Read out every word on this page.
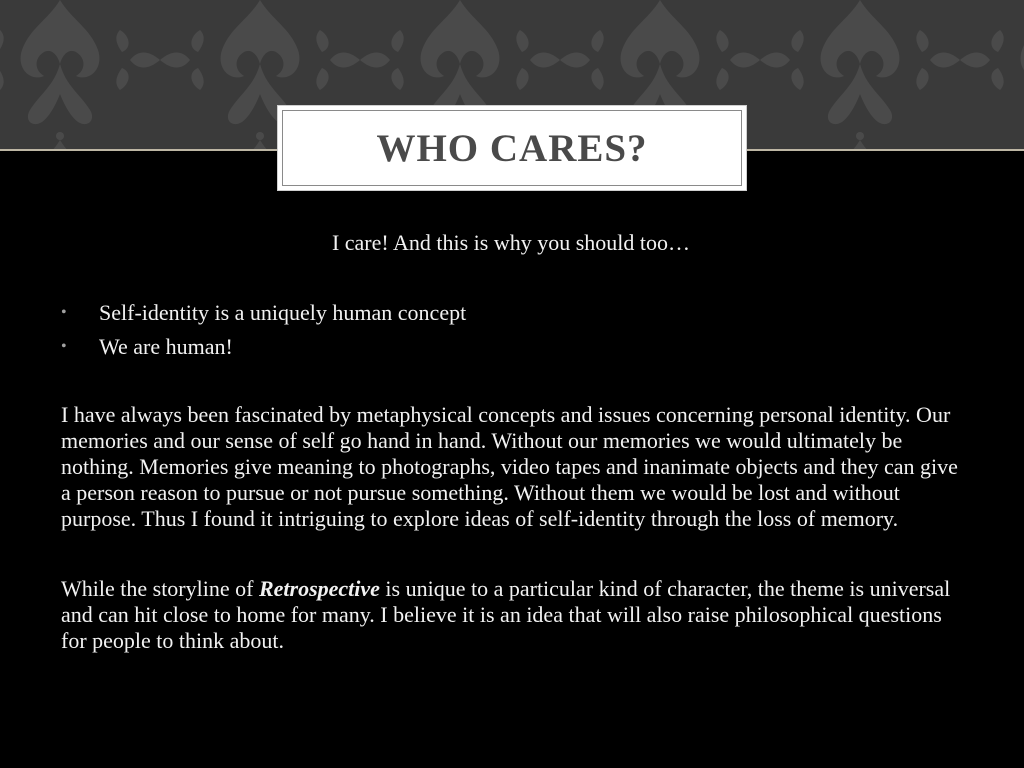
WHO CARES?

I care! And this is why you should too…

• Self-identity is a uniquely human concept
• We are human!

I have always been fascinated by metaphysical concepts and issues concerning personal identity. Our memories and our sense of self go hand in hand. Without our memories we would ultimately be nothing. Memories give meaning to photographs, video tapes and inanimate objects and they can give a person reason to pursue or not pursue something. Without them we would be lost and without purpose. Thus I found it intriguing to explore ideas of self-identity through the loss of memory.

While the storyline of Retrospective is unique to a particular kind of character, the theme is universal and can hit close to home for many. I believe it is an idea that will also raise philosophical questions for people to think about.
